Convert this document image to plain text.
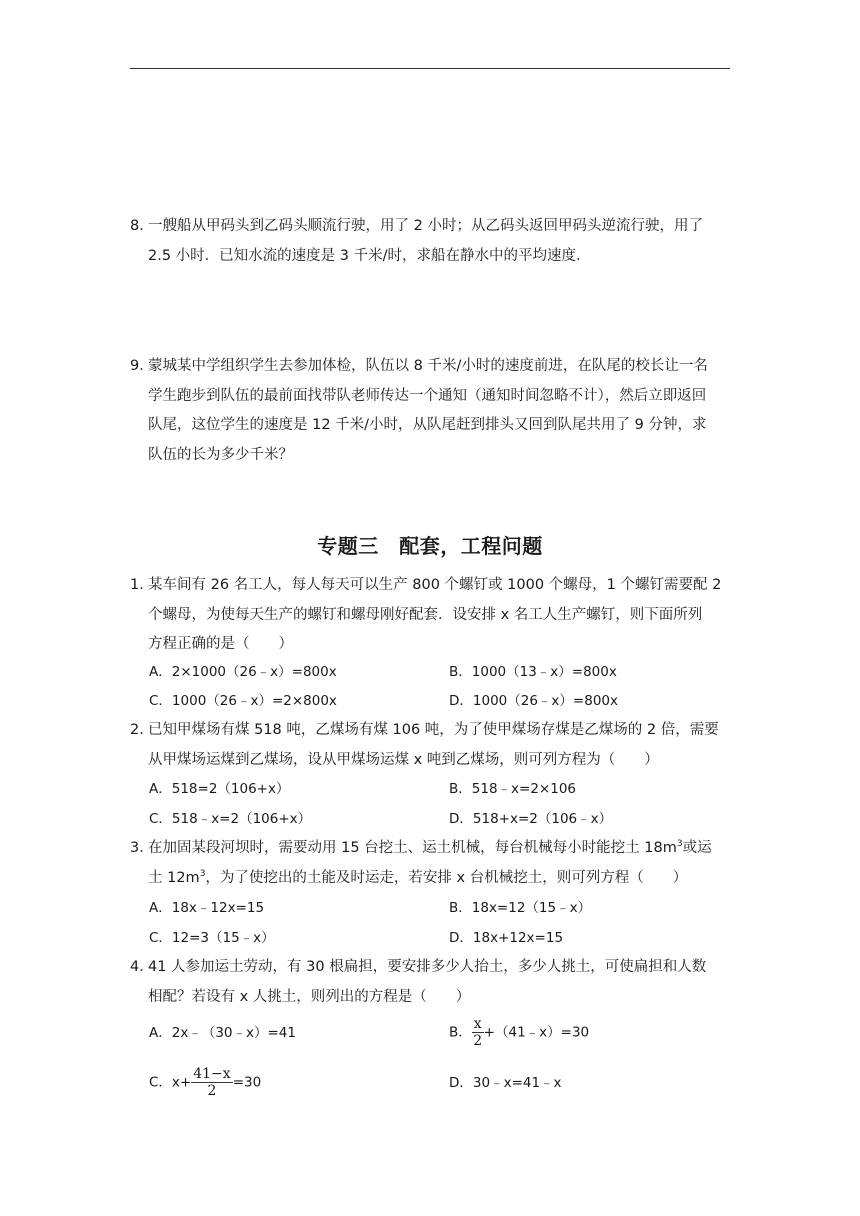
8．
一艘船从甲码头到乙码头顺流行驶，用了 2 小时；从乙码头返回甲码头逆流行驶，用了
2.5 小时．已知水流的速度是 3 千米/时，求船在静水中的平均速度．
9．
蒙城某中学组织学生去参加体检，队伍以 8 千米/小时的速度前进，在队尾的校长让一名
学生跑步到队伍的最前面找带队老师传达一个通知（通知时间忽略不计），然后立即返回
队尾，这位学生的速度是 12 千米/小时，从队尾赶到排头又回到队尾共用了 9 分钟，求
队伍的长为多少千米？
专题三　配套，工程问题
1．
某车间有 26 名工人，每人每天可以生产 800 个螺钉或 1000 个螺母，1 个螺钉需要配 2
个螺母，为使每天生产的螺钉和螺母刚好配套．设安排 x 名工人生产螺钉，则下面所列
方程正确的是（　　）
A．2×1000（26﹣x）=800x	B．1000（13﹣x）=800x
C．1000（26﹣x）=2×800x	D．1000（26﹣x）=800x
2．
已知甲煤场有煤 518 吨，乙煤场有煤 106 吨，为了使甲煤场存煤是乙煤场的 2 倍，需要
从甲煤场运煤到乙煤场，设从甲煤场运煤 x 吨到乙煤场，则可列方程为（　　）
A．518=2（106+x）	B．518﹣x=2×106
C．518﹣x=2（106+x）	D．518+x=2（106﹣x）
3．
在加固某段河坝时，需要动用 15 台挖土、运土机械，每台机械每小时能挖土 $18m^3$或运
土 $12m^3$，为了使挖出的土能及时运走，若安排 x 台机械挖土，则可列方程（　　）
A．18x﹣12x=15	B．18x=12（15﹣x）
C．12=3（15﹣x）	D．18x+12x=15
4．
41 人参加运土劳动，有 30 根扁担，要安排多少人抬土，多少人挑土，可使扁担和人数
相配？若设有 x 人挑土，则列出的方程是（　　）
A．2x﹣（30﹣x）=41	B． $\frac{x}{2}$ +（41﹣x）=30
C．$x+ \frac{41-x}{2} =30$	D．30﹣x=41﹣x
